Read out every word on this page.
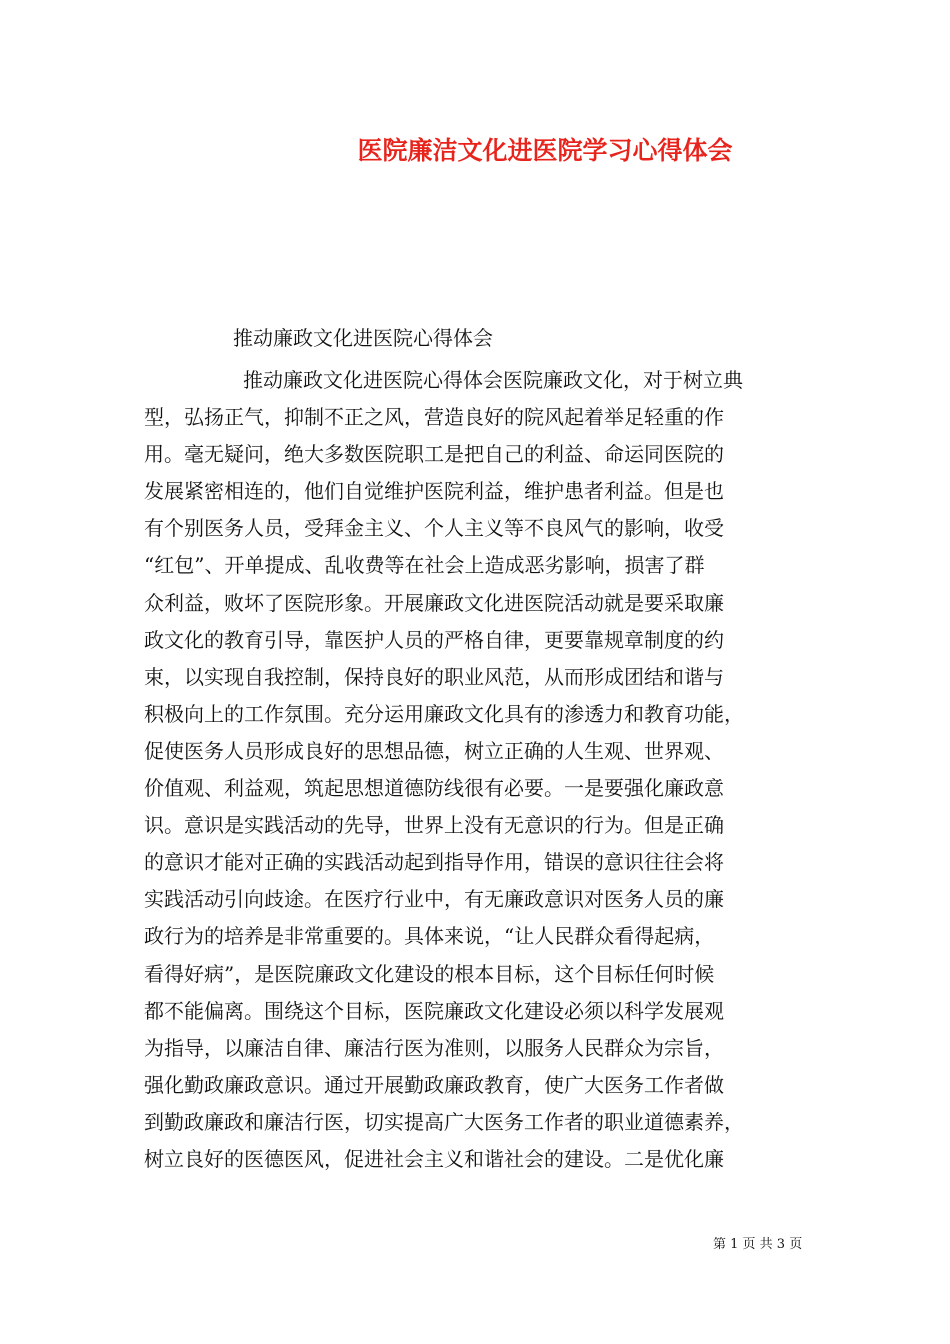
医院廉洁文化进医院学习心得体会
推动廉政文化进医院心得体会
推动廉政文化进医院心得体会医院廉政文化，对于树立典
型，弘扬正气，抑制不正之风，营造良好的院风起着举足轻重的作
用。毫无疑问，绝大多数医院职工是把自己的利益、命运同医院的
发展紧密相连的，他们自觉维护医院利益，维护患者利益。但是也
有个别医务人员，受拜金主义、个人主义等不良风气的影响，收受
“红包”、开单提成、乱收费等在社会上造成恶劣影响，损害了群
众利益，败坏了医院形象。开展廉政文化进医院活动就是要采取廉
政文化的教育引导，靠医护人员的严格自律，更要靠规章制度的约
束，以实现自我控制，保持良好的职业风范，从而形成团结和谐与
积极向上的工作氛围。充分运用廉政文化具有的渗透力和教育功能，
促使医务人员形成良好的思想品德，树立正确的人生观、世界观、
价值观、利益观，筑起思想道德防线很有必要。一是要强化廉政意
识。意识是实践活动的先导，世界上没有无意识的行为。但是正确
的意识才能对正确的实践活动起到指导作用，错误的意识往往会将
实践活动引向歧途。在医疗行业中，有无廉政意识对医务人员的廉
政行为的培养是非常重要的。具体来说，“让人民群众看得起病，
看得好病”，是医院廉政文化建设的根本目标，这个目标任何时候
都不能偏离。围绕这个目标，医院廉政文化建设必须以科学发展观
为指导，以廉洁自律、廉洁行医为准则，以服务人民群众为宗旨，
强化勤政廉政意识。通过开展勤政廉政教育，使广大医务工作者做
到勤政廉政和廉洁行医，切实提高广大医务工作者的职业道德素养，
树立良好的医德医风，促进社会主义和谐社会的建设。二是优化廉
第 1 页 共 3 页
